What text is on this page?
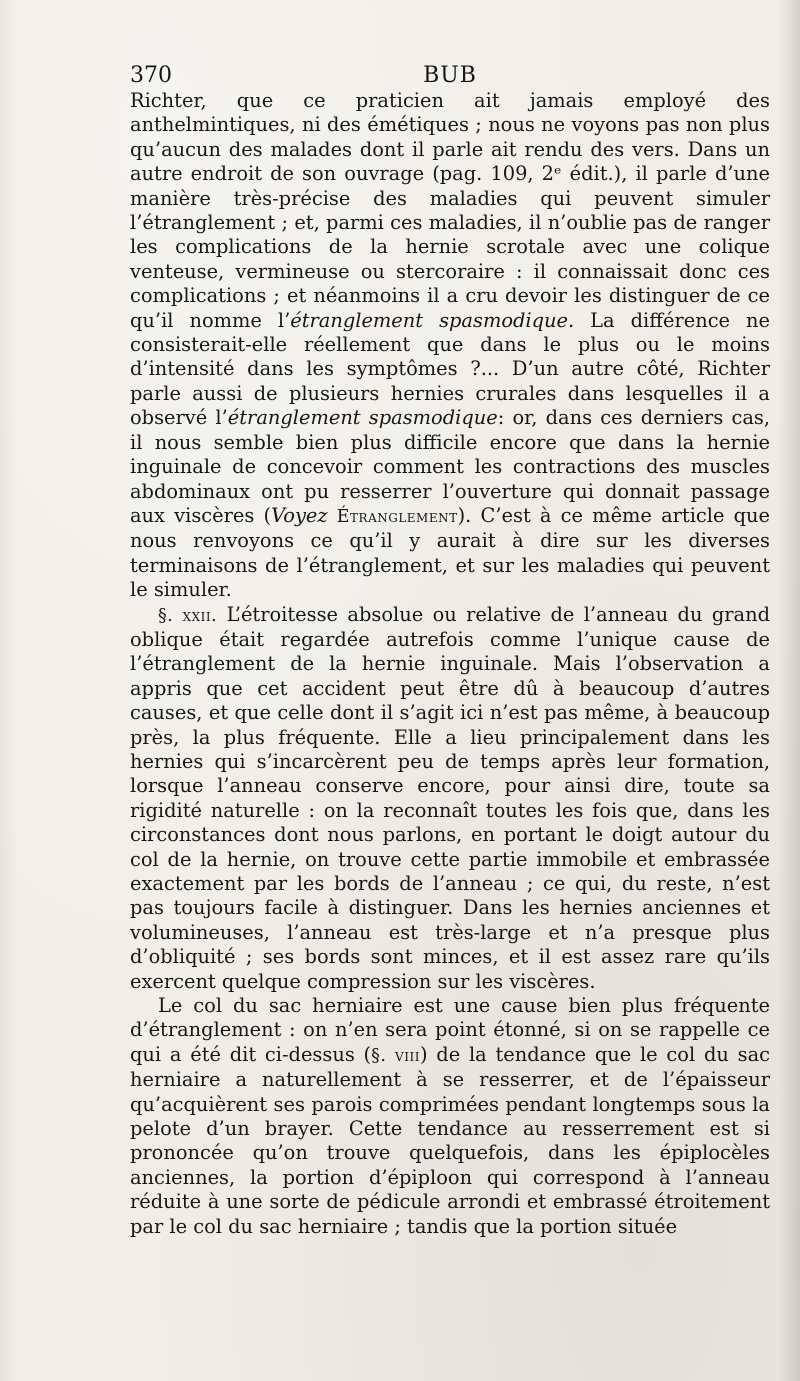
370	BUB

Richter, que ce praticien ait jamais employé des anthelmintiques, ni des émétiques ; nous ne voyons pas non plus qu’aucun des malades dont il parle ait rendu des vers. Dans un autre endroit de son ouvrage (pag. 109, 2ᵉ édit.), il parle d’une manière très-précise des maladies qui peuvent simuler l’étranglement ; et, parmi ces maladies, il n’oublie pas de ranger les complications de la hernie scrotale avec une colique venteuse, vermineuse ou stercoraire : il connaissait donc ces complications ; et néanmoins il a cru devoir les distinguer de ce qu’il nomme l’étranglement spasmodique. La différence ne consisterait-elle réellement que dans le plus ou le moins d’intensité dans les symptômes ?... D’un autre côté, Richter parle aussi de plusieurs hernies crurales dans lesquelles il a observé l’étranglement spasmodique: or, dans ces derniers cas, il nous semble bien plus difficile encore que dans la hernie inguinale de concevoir comment les contractions des muscles abdominaux ont pu resserrer l’ouverture qui donnait passage aux viscères (Voyez Étranglement). C’est à ce même article que nous renvoyons ce qu’il y aurait à dire sur les diverses terminaisons de l’étranglement, et sur les maladies qui peuvent le simuler.

§. xxii. L’étroitesse absolue ou relative de l’anneau du grand oblique était regardée autrefois comme l’unique cause de l’étranglement de la hernie inguinale. Mais l’observation a appris que cet accident peut être dû à beaucoup d’autres causes, et que celle dont il s’agit ici n’est pas même, à beaucoup près, la plus fréquente. Elle a lieu principalement dans les hernies qui s’incarcèrent peu de temps après leur formation, lorsque l’anneau conserve encore, pour ainsi dire, toute sa rigidité naturelle : on la reconnaît toutes les fois que, dans les circonstances dont nous parlons, en portant le doigt autour du col de la hernie, on trouve cette partie immobile et embrassée exactement par les bords de l’anneau ; ce qui, du reste, n’est pas toujours facile à distinguer. Dans les hernies anciennes et volumineuses, l’anneau est très-large et n’a presque plus d’obliquité ; ses bords sont minces, et il est assez rare qu’ils exercent quelque compression sur les viscères.

Le col du sac herniaire est une cause bien plus fréquente d’étranglement : on n’en sera point étonné, si on se rappelle ce qui a été dit ci-dessus (§. viii) de la tendance que le col du sac herniaire a naturellement à se resserrer, et de l’épaisseur qu’acquièrent ses parois comprimées pendant longtemps sous la pelote d’un brayer. Cette tendance au resserrement est si prononcée qu’on trouve quelquefois, dans les épiplocèles anciennes, la portion d’épiploon qui correspond à l’anneau réduite à une sorte de pédicule arrondi et embrassé étroitement par le col du sac herniaire ; tandis que la portion située
